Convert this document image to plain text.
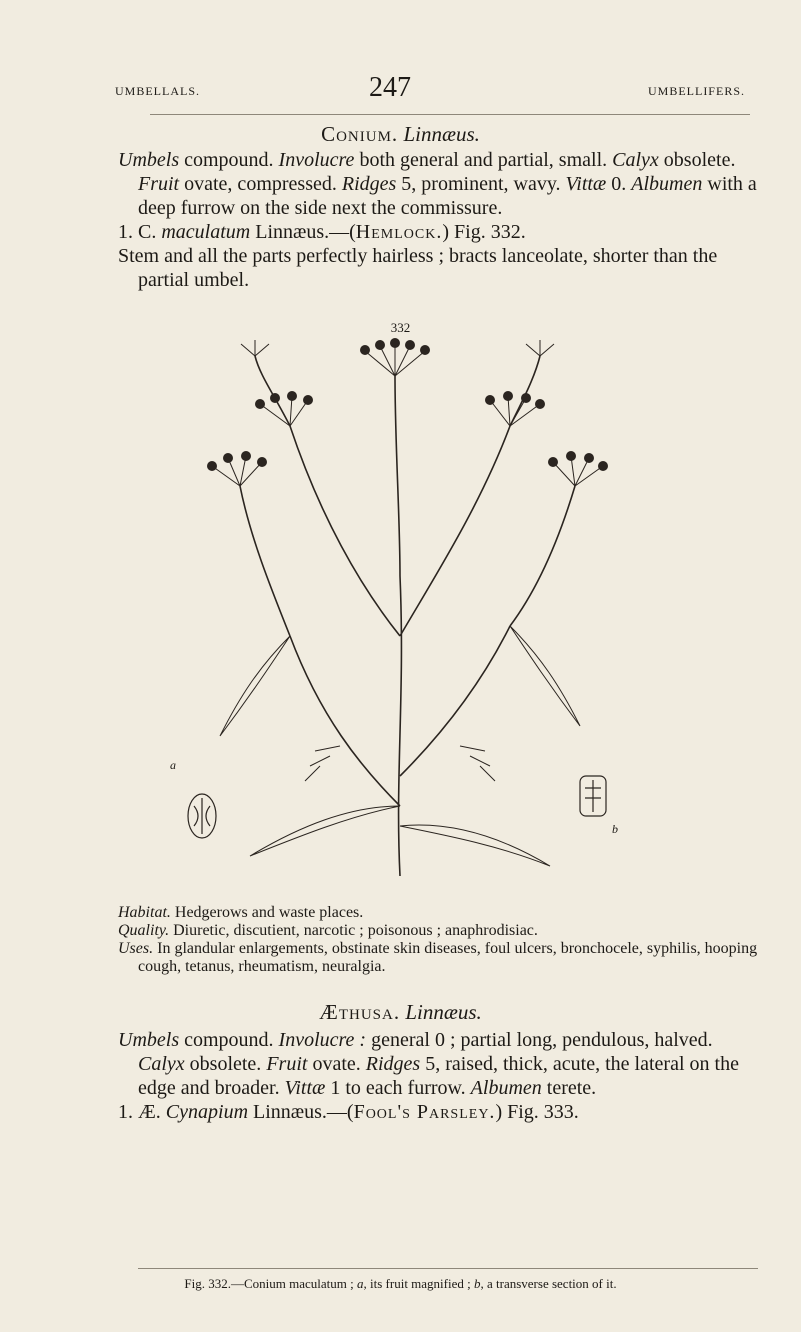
UMBELLALS.	247	UMBELLIFERS.
Conium. Linnæus.

Umbels compound. Involucre both general and partial, small. Calyx obsolete. Fruit ovate, compressed. Ridges 5, prominent, wavy. Vittæ 0. Albumen with a deep furrow on the side next the commissure.

1. C. maculatum Linnæus.—(Hemlock.) Fig. 332.

Stem and all the parts perfectly hairless ; bracts lanceolate, shorter than the partial umbel.

332
a
b

Habitat. Hedgerows and waste places.

Quality. Diuretic, discutient, narcotic ; poisonous ; anaphrodisiac.

Uses. In glandular enlargements, obstinate skin diseases, foul ulcers, bronchocele, syphilis, hooping cough, tetanus, rheumatism, neuralgia.

Æthusa. Linnæus.

Umbels compound. Involucre : general 0 ; partial long, pendulous, halved. Calyx obsolete. Fruit ovate. Ridges 5, raised, thick, acute, the lateral on the edge and broader. Vittæ 1 to each furrow. Albumen terete.

1. Æ. Cynapium Linnæus.—(Fool's Parsley.) Fig. 333.

Fig. 332.—Conium maculatum ; a, its fruit magnified ; b, a transverse section of it.
